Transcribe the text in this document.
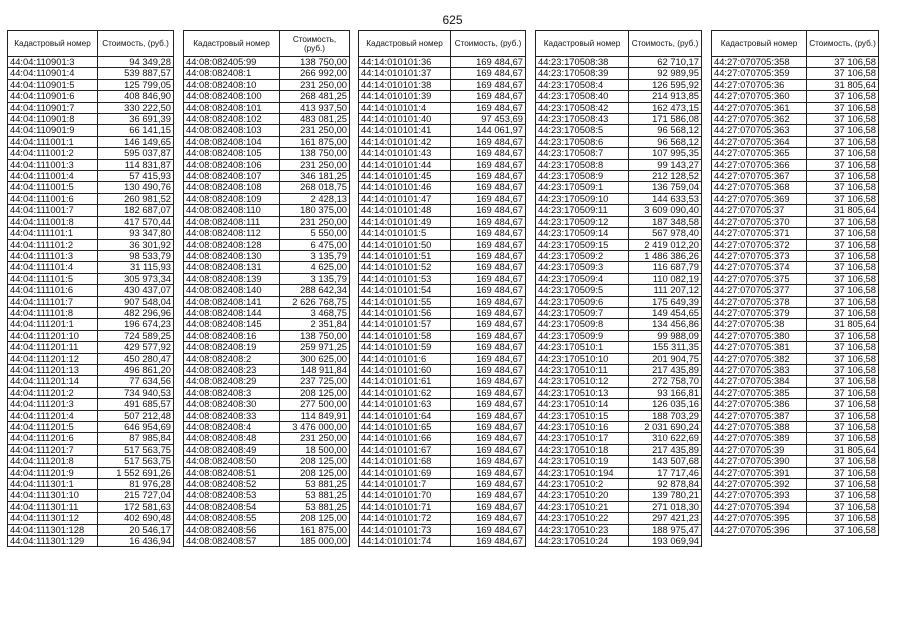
625
Кадастровый номер	Стоимость, (руб.)
44:04:110901:3	94 349,28
44:04:110901:4	539 887,57
44:04:110901:5	125 799,05
44:04:110901:6	408 846,90
44:04:110901:7	330 222,50
44:04:110901:8	36 691,39
44:04:110901:9	66 141,15
44:04:111001:1	146 149,65
44:04:111001:2	595 037,87
44:04:111001:3	114 831,87
44:04:111001:4	57 415,93
44:04:111001:5	130 490,76
44:04:111001:6	260 981,52
44:04:111001:7	182 687,07
44:04:111001:8	417 570,44
44:04:111101:1	93 347,80
44:04:111101:2	36 301,92
44:04:111101:3	98 533,79
44:04:111101:4	31 115,93
44:04:111101:5	305 973,34
44:04:111101:6	430 437,07
44:04:111101:7	907 548,04
44:04:111101:8	482 296,96
44:04:111201:1	196 674,23
44:04:111201:10	724 589,25
44:04:111201:11	429 577,92
44:04:111201:12	450 280,47
44:04:111201:13	496 861,20
44:04:111201:14	77 634,56
44:04:111201:2	734 940,53
44:04:111201:3	491 685,57
44:04:111201:4	507 212,48
44:04:111201:5	646 954,69
44:04:111201:6	87 985,84
44:04:111201:7	517 563,75
44:04:111201:8	517 563,75
44:04:111201:9	1 552 691,26
44:04:111301:1	81 976,28
44:04:111301:10	215 727,04
44:04:111301:11	172 581,63
44:04:111301:12	402 690,48
44:04:111301:128	20 546,17
44:04:111301:129	16 436,94
Кадастровый номер	Стоимость, (руб.)
44:08:082405:99	138 750,00
44:08:082408:1	266 992,00
44:08:082408:10	231 250,00
44:08:082408:100	268 481,25
44:08:082408:101	413 937,50
44:08:082408:102	483 081,25
44:08:082408:103	231 250,00
44:08:082408:104	161 875,00
44:08:082408:105	138 750,00
44:08:082408:106	231 250,00
44:08:082408:107	346 181,25
44:08:082408:108	268 018,75
44:08:082408:109	2 428,13
44:08:082408:110	180 375,00
44:08:082408:111	231 250,00
44:08:082408:112	5 550,00
44:08:082408:128	6 475,00
44:08:082408:130	3 135,79
44:08:082408:131	4 625,00
44:08:082408:139	3 135,79
44:08:082408:140	288 642,34
44:08:082408:141	2 626 768,75
44:08:082408:144	3 468,75
44:08:082408:145	2 351,84
44:08:082408:16	138 750,00
44:08:082408:19	259 971,25
44:08:082408:2	300 625,00
44:08:082408:23	148 911,84
44:08:082408:29	237 725,00
44:08:082408:3	208 125,00
44:08:082408:30	277 500,00
44:08:082408:33	114 849,91
44:08:082408:4	3 476 000,00
44:08:082408:48	231 250,00
44:08:082408:49	18 500,00
44:08:082408:50	208 125,00
44:08:082408:51	208 125,00
44:08:082408:52	53 881,25
44:08:082408:53	53 881,25
44:08:082408:54	53 881,25
44:08:082408:55	208 125,00
44:08:082408:56	161 875,00
44:08:082408:57	185 000,00
Кадастровый номер	Стоимость, (руб.)
44:14:010101:36	169 484,67
44:14:010101:37	169 484,67
44:14:010101:38	169 484,67
44:14:010101:39	169 484,67
44:14:010101:4	169 484,67
44:14:010101:40	97 453,69
44:14:010101:41	144 061,97
44:14:010101:42	169 484,67
44:14:010101:43	169 484,67
44:14:010101:44	169 484,67
44:14:010101:45	169 484,67
44:14:010101:46	169 484,67
44:14:010101:47	169 484,67
44:14:010101:48	169 484,67
44:14:010101:49	169 484,67
44:14:010101:5	169 484,67
44:14:010101:50	169 484,67
44:14:010101:51	169 484,67
44:14:010101:52	169 484,67
44:14:010101:53	169 484,67
44:14:010101:54	169 484,67
44:14:010101:55	169 484,67
44:14:010101:56	169 484,67
44:14:010101:57	169 484,67
44:14:010101:58	169 484,67
44:14:010101:59	169 484,67
44:14:010101:6	169 484,67
44:14:010101:60	169 484,67
44:14:010101:61	169 484,67
44:14:010101:62	169 484,67
44:14:010101:63	169 484,67
44:14:010101:64	169 484,67
44:14:010101:65	169 484,67
44:14:010101:66	169 484,67
44:14:010101:67	169 484,67
44:14:010101:68	169 484,67
44:14:010101:69	169 484,67
44:14:010101:7	169 484,67
44:14:010101:70	169 484,67
44:14:010101:71	169 484,67
44:14:010101:72	169 484,67
44:14:010101:73	169 484,67
44:14:010101:74	169 484,67
Кадастровый номер	Стоимость, (руб.)
44:23:170508:38	62 710,17
44:23:170508:39	92 989,95
44:23:170508:4	126 595,92
44:23:170508:40	214 913,85
44:23:170508:42	162 473,15
44:23:170508:43	171 586,08
44:23:170508:5	96 568,12
44:23:170508:6	96 568,12
44:23:170508:7	107 995,35
44:23:170508:8	99 143,27
44:23:170508:9	212 128,52
44:23:170509:1	136 759,04
44:23:170509:10	144 633,53
44:23:170509:11	3 609 090,40
44:23:170509:12	187 348,58
44:23:170509:14	567 978,40
44:23:170509:15	2 419 012,20
44:23:170509:2	1 486 386,26
44:23:170509:3	116 687,79
44:23:170509:4	110 082,19
44:23:170509:5	111 207,12
44:23:170509:6	175 649,39
44:23:170509:7	149 454,65
44:23:170509:8	134 456,86
44:23:170509:9	99 988,09
44:23:170510:1	155 311,35
44:23:170510:10	201 904,75
44:23:170510:11	217 435,89
44:23:170510:12	272 758,70
44:23:170510:13	93 166,81
44:23:170510:14	126 035,16
44:23:170510:15	188 703,29
44:23:170510:16	2 031 690,24
44:23:170510:17	310 622,69
44:23:170510:18	217 435,89
44:23:170510:19	143 507,68
44:23:170510:194	17 717,46
44:23:170510:2	92 878,84
44:23:170510:20	139 780,21
44:23:170510:21	271 018,30
44:23:170510:22	297 421,23
44:23:170510:23	188 975,47
44:23:170510:24	193 069,94
Кадастровый номер	Стоимость, (руб.)
44:27:070705:358	37 106,58
44:27:070705:359	37 106,58
44:27:070705:36	31 805,64
44:27:070705:360	37 106,58
44:27:070705:361	37 106,58
44:27:070705:362	37 106,58
44:27:070705:363	37 106,58
44:27:070705:364	37 106,58
44:27:070705:365	37 106,58
44:27:070705:366	37 106,58
44:27:070705:367	37 106,58
44:27:070705:368	37 106,58
44:27:070705:369	37 106,58
44:27:070705:37	31 805,64
44:27:070705:370	37 106,58
44:27:070705:371	37 106,58
44:27:070705:372	37 106,58
44:27:070705:373	37 106,58
44:27:070705:374	37 106,58
44:27:070705:375	37 106,58
44:27:070705:377	37 106,58
44:27:070705:378	37 106,58
44:27:070705:379	37 106,58
44:27:070705:38	31 805,64
44:27:070705:380	37 106,58
44:27:070705:381	37 106,58
44:27:070705:382	37 106,58
44:27:070705:383	37 106,58
44:27:070705:384	37 106,58
44:27:070705:385	37 106,58
44:27:070705:386	37 106,58
44:27:070705:387	37 106,58
44:27:070705:388	37 106,58
44:27:070705:389	37 106,58
44:27:070705:39	31 805,64
44:27:070705:390	37 106,58
44:27:070705:391	37 106,58
44:27:070705:392	37 106,58
44:27:070705:393	37 106,58
44:27:070705:394	37 106,58
44:27:070705:395	37 106,58
44:27:070705:396	37 106,58
